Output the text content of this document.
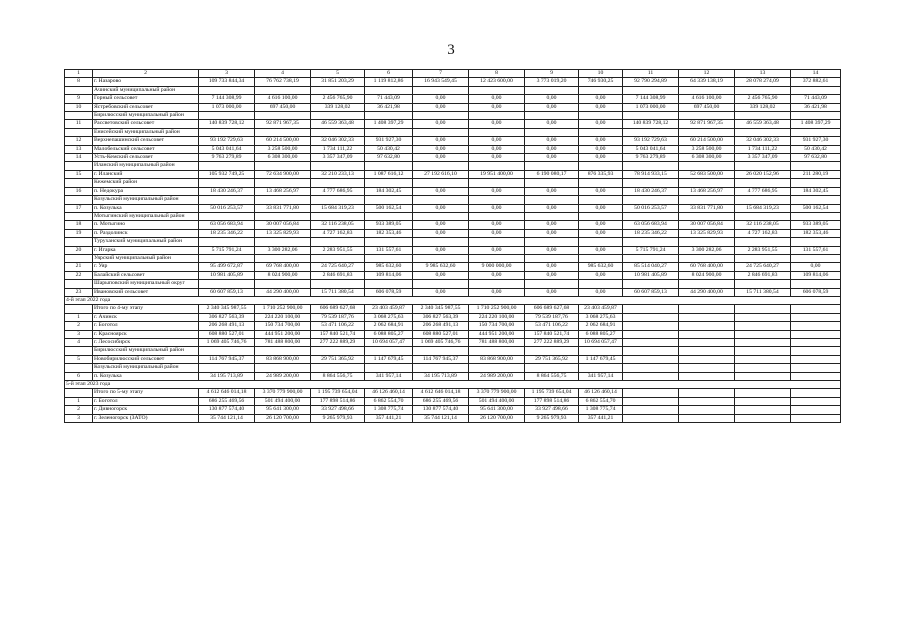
3
1	2	3	4	5	6	7	8	9	10	11	12	13	14
8	г. Назарово	109 733 844,34	76 762 738,19	31 851 203,29	1 119 812,86	16 943 549,45	12 423 600,00	3 773 019,20	746 930,25	92 790 294,89	64 339 138,19	28 078 274,09	372 882,61
	Ачинский муниципальный район												
9	Горный сельсовет	7 144 308,99	4 616 100,00	2 456 765,90	71 443,09	0,00	0,00	0,00	0,00	7 144 308,99	4 616 100,00	2 456 765,90	71 443,09
10	Ястребовский сельсовет	1 073 000,00	697 450,00	339 128,02	36 421,98	0,00	0,00	0,00	0,00	1 073 000,00	697 450,00	339 128,02	36 421,98
	Бирилюсский муниципальный район												
11	Рассветовский сельсовет	140 839 728,12	92 871 967,35	46 559 363,48	1 408 397,29	0,00	0,00	0,00	0,00	140 839 728,12	92 871 967,35	46 559 363,48	1 408 397,29
	Енисейский муниципальный район												
12	Верхнепашинский сельсовет	93 192 729,63	60 214 500,00	32 046 302,33	931 927,30	0,00	0,00	0,00	0,00	93 192 729,63	60 214 500,00	32 046 302,33	931 927,30
13	Малобельский сельсовет	5 043 041,64	3 258 500,00	1 734 111,22	50 430,42	0,00	0,00	0,00	0,00	5 043 041,64	3 258 500,00	1 734 111,22	50 430,42
14	Усть-Кемский сельсовет	9 763 279,89	6 308 300,00	3 357 347,09	97 632,80	0,00	0,00	0,00	0,00	9 763 279,89	6 308 300,00	3 357 347,09	97 632,80
	Иланский муниципальный район												
15	г. Иланский	105 932 749,25	72 634 900,00	32 210 233,13	1 087 616,12	27 192 616,10	19 951 400,00	6 190 080,17	876 335,93	78 914 933,15	52 683 500,00	26 020 152,96	211 280,19
	Кежемский район												
16	п. Недокура	18 430 246,37	13 468 256,97	4 777 686,95	184 302,45	0,00	0,00	0,00	0,00	18 430 246,37	13 468 256,97	4 777 686,95	184 302,45
	Козульский муниципальный район												
17	п. Козулька	50 016 253,57	33 831 771,80	15 684 319,23	500 162,54	0,00	0,00	0,00	0,00	50 016 253,57	33 831 771,80	15 684 319,23	500 162,54
	Мотыгинский муниципальный район												
18	п. Мотыгино	63 056 683,94	30 007 056,84	32 116 238,05	933 389,05	0,00	0,00	0,00	0,00	63 056 683,94	30 007 056,84	32 116 238,05	933 389,05
19	п. Раздолинск	18 235 346,22	13 325 829,93	4 727 162,83	182 353,46	0,00	0,00	0,00	0,00	18 235 346,22	13 325 829,93	4 727 162,83	182 353,46
	Туруханский муниципальный район												
20	г. Игарка	5 715 791,24	3 300 282,06	2 283 951,55	131 557,61	0,00	0,00	0,00	0,00	5 715 791,24	3 300 282,06	2 283 951,55	131 557,61
	Уярский муниципальный район												
21	г. Уяр	95 499 672,87	69 768 400,00	24 725 640,27	985 632,60	9 985 632,60	9 000 000,00	0,00	985 632,60	85 514 040,27	60 768 400,00	24 725 640,27	0,00
22	Балайский сельсовет	10 981 405,89	8 024 900,00	2 846 691,83	109 814,06	0,00	0,00	0,00	0,00	10 981 405,89	8 024 900,00	2 846 691,83	109 814,06
	Шарыповский муниципальный округ												
23	Ивановский сельсовет	60 607 859,13	44 290 400,00	15 711 380,54	606 078,59	0,00	0,00	0,00	0,00	60 607 859,13	44 290 400,00	15 711 380,54	606 078,59
4-й этап 2022 года													
	Итого по 4-му этапу	2 340 345 987,55	1 710 252 900,00	606 689 627,68	23 403 459,87	2 340 345 987,55	1 710 252 900,00	606 689 627,68	23 403 459,87				
1	г. Ачинск	306 827 563,39	224 220 100,00	79 539 187,76	3 068 275,63	306 827 563,39	224 220 100,00	79 539 187,76	3 068 275,63				
2	г. Боготол	206 268 491,13	150 734 700,00	53 471 106,22	2 062 684,91	206 268 491,13	150 734 700,00	53 471 106,22	2 062 684,91				
3	г. Красноярск	608 880 527,01	444 951 200,00	157 840 521,74	6 088 805,27	608 880 527,01	444 951 200,00	157 840 521,74	6 088 805,27				
4	г. Лесосибирск	1 069 405 746,76	781 488 800,00	277 222 889,29	10 694 057,47	1 069 405 746,76	781 488 800,00	277 222 889,29	10 694 057,47				
	Бирилюсский муниципальный район												
5	Новобирилюсский сельсовет	114 767 945,37	83 868 900,00	29 751 365,92	1 147 679,45	114 767 945,37	83 868 900,00	29 751 365,92	1 147 679,45				
	Козульский муниципальный район												
6	п. Козулька	34 195 713,89	24 989 200,00	8 864 556,75	341 957,14	34 195 713,89	24 989 200,00	8 864 556,75	341 957,14				
5-й этап 2023 года													
	Итого по 5-му этапу	4 612 646 014,18	3 370 779 900,00	1 195 739 654,04	46 126 460,14	4 612 646 014,18	3 370 779 900,00	1 195 739 654,04	46 126 460,14				
1	г. Боготол	686 255 469,56	501 494 400,00	177 898 514,86	6 862 554,70	686 255 469,56	501 494 400,00	177 898 514,86	6 862 554,70				
2	г. Дивногорск	130 877 574,40	95 641 300,00	33 927 498,66	1 308 775,74	130 877 574,40	95 641 300,00	33 927 498,66	1 308 775,74				
3	г. Зеленогорск (ЗАТО)	35 744 121,14	26 120 700,00	9 265 979,93	357 441,21	35 744 121,14	26 120 700,00	9 265 979,93	357 441,21				
